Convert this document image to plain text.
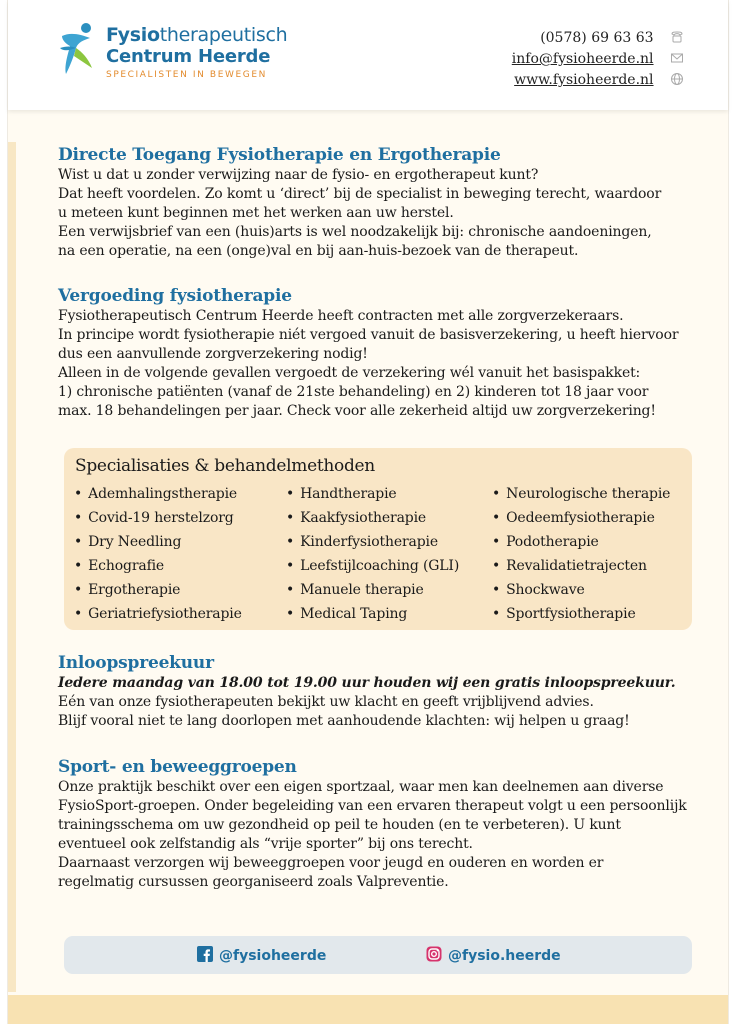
Fysiotherapeutisch
Centrum Heerde
SPECIALISTEN IN BEWEGEN
(0578) 69 63 63
info@fysioheerde.nl
www.fysioheerde.nl
Directe Toegang Fysiotherapie en Ergotherapie

Wist u dat u zonder verwijzing naar de fysio- en ergotherapeut kunt?

Dat heeft voordelen. Zo komt u ‘direct’ bij de specialist in beweging terecht, waardoor

u meteen kunt beginnen met het werken aan uw herstel.

Een verwijsbrief van een (huis)arts is wel noodzakelijk bij: chronische aandoeningen,

na een operatie, na een (onge)val en bij aan-huis-bezoek van de therapeut.

Vergoeding fysiotherapie

Fysiotherapeutisch Centrum Heerde heeft contracten met alle zorgverzekeraars.

In principe wordt fysiotherapie niét vergoed vanuit de basisverzekering, u heeft hiervoor

dus een aanvullende zorgverzekering nodig!

Alleen in de volgende gevallen vergoedt de verzekering wél vanuit het basispakket:

1) chronische patiënten (vanaf de 21ste behandeling) en 2) kinderen tot 18 jaar voor

max. 18 behandelingen per jaar. Check voor alle zekerheid altijd uw zorgverzekering!

Specialisaties & behandelmethoden
• Ademhalingstherapie
• Covid-19 herstelzorg
• Dry Needling
• Echografie
• Ergotherapie
• Geriatriefysiotherapie
• Handtherapie
• Kaakfysiotherapie
• Kinderfysiotherapie
• Leefstijlcoaching (GLI)
• Manuele therapie
• Medical Taping
• Neurologische therapie
• Oedeemfysiotherapie
• Podotherapie
• Revalidatietrajecten
• Shockwave
• Sportfysiotherapie
Inloopspreekuur

Iedere maandag van 18.00 tot 19.00 uur houden wij een gratis inloopspreekuur.

Eén van onze fysiotherapeuten bekijkt uw klacht en geeft vrijblijvend advies.

Blijf vooral niet te lang doorlopen met aanhoudende klachten: wij helpen u graag!

Sport- en beweeggroepen

Onze praktijk beschikt over een eigen sportzaal, waar men kan deelnemen aan diverse

FysioSport-groepen. Onder begeleiding van een ervaren therapeut volgt u een persoonlijk

trainingsschema om uw gezondheid op peil te houden (en te verbeteren). U kunt

eventueel ook zelfstandig als “vrije sporter” bij ons terecht.

Daarnaast verzorgen wij beweeggroepen voor jeugd en ouderen en worden er

regelmatig cursussen georganiseerd zoals Valpreventie.

@fysioheerde	@fysio.heerde
